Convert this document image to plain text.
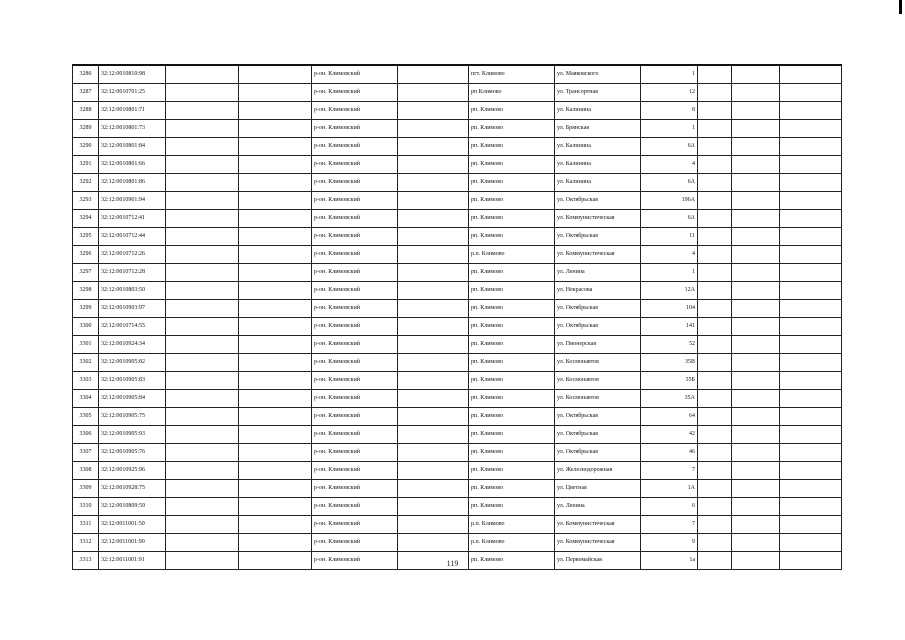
3286	32:12:0010810:98			р-он. Климовский		пгт. Климово	ул. Маяковского	1			
3287	32:12:0010701:25			р-он. Климовский		рп Климово	ул. Трансортная	12			
3288	32:12:0010801:71			р-он. Климовский		рп. Климово	ул. Калинина	8			
3289	32:12:0010801:73			р-он. Климовский		рп. Климово	ул. Брянская	1			
3290	32:12:0010801:84			р-он. Климовский		рп. Климово	ул. Калинина	6А			
3291	32:12:0010801:66			р-он. Климовский		рп. Климово	ул. Калинина	4			
3292	32:12:0010801:86			р-он. Климовский		рп. Климово	ул. Калинина	6А			
3293	32:12:0010901:94			р-он. Климовский		рп. Климово	ул. Октябрьская	196А			
3294	32:12:0010712:41			р-он. Климовский		рп. Климово	ул. Коммунистическая	6А			
3295	32:12:0010712:44			р-он. Климовский		рп. Климово	ул. Октябрьская	11			
3296	32:12:0010712:26			р-он. Климовский		р.п. Климово	ул. Коммунистическая	4			
3297	32:12:0010712:28			р-он. Климовский		рп. Климово	ул. Ленина	1			
3298	32:12:0010803:50			р-он. Климовский		рп. Климово	ул. Некрасова	12А			
3299	32:12:0010903:97			р-он. Климовский		рп. Климово	ул. Октябрьская	104			
3300	32:12:0010714:55			р-он. Климовский		рп. Климово	ул. Октябрьская	141			
3301	32:12:0010924:34			р-он. Климовский		рп. Климово	ул. Пионерская	52			
3302	32:12:0010905:82			р-он. Климовский		рп. Климово	ул. Космонавтов	35В			
3303	32:12:0010905:83			р-он. Климовский		рп. Климово	ул. Космонавтов	35Б			
3304	32:12:0010905:84			р-он. Климовский		рп. Климово	ул. Космонавтов	35А			
3305	32:12:0010905:75			р-он. Климовский		рп. Климово	ул. Октябрьская	64			
3306	32:12:0010905:93			р-он. Климовский		рп. Климово	ул. Октябрьская	42			
3307	32:12:0010905:76			р-он. Климовский		рп. Климово	ул. Октябрьская	46			
3308	32:12:0010925:96			р-он. Климовский		рп. Климово	ул. Железнодорожная	7			
3309	32:12:0010928:75			р-он. Климовский		рп. Климово	ул. Цветная	1А			
3310	32:12:0010809:59			р-он. Климовский		рп. Климово	ул. Ленина	6			
3311	32:12:0011001:50			р-он. Климовский		р.п. Климово	ул. Коммунистическая	7			
3312	32:12:0011001:90			р-он. Климовский		р.п. Климово	ул. Коммунистическая	9			
3313	32:12:0011001:91			р-он. Климовский		рп. Климово	ул. Первомайская	1а			
119
